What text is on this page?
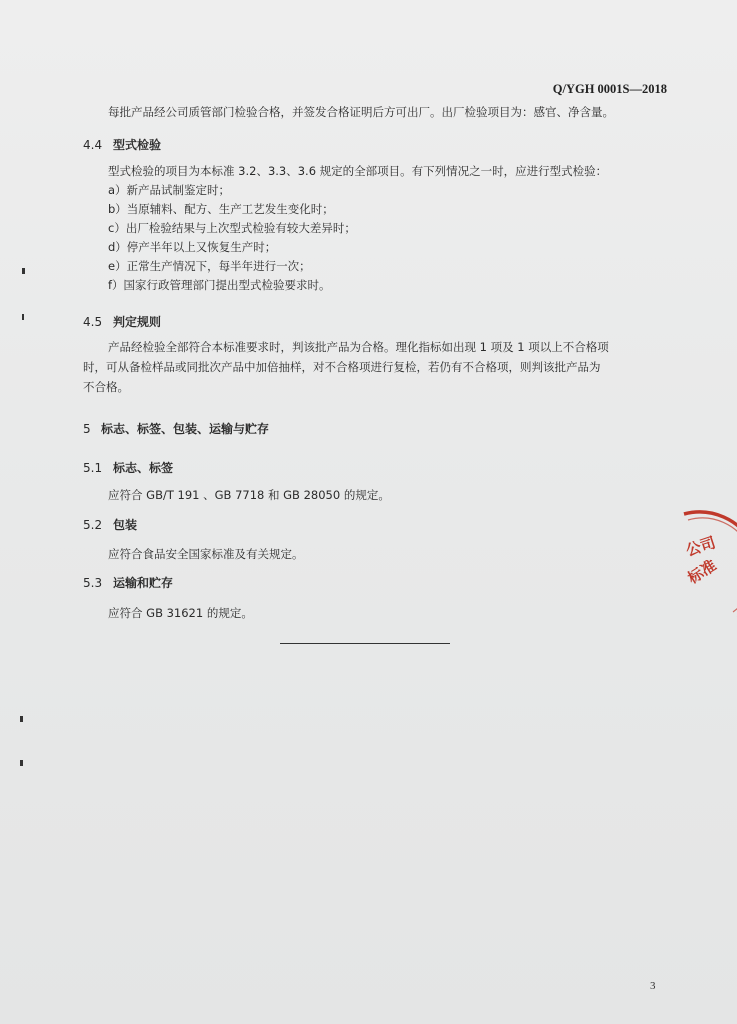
Q/YGH 0001S—2018
每批产品经公司质管部门检验合格，并签发合格证明后方可出厂。出厂检验项目为：感官、净含量。
4.4 型式检验
型式检验的项目为本标准 3.2、3.3、3.6 规定的全部项目。有下列情况之一时，应进行型式检验：
a）新产品试制鉴定时；
b）当原辅料、配方、生产工艺发生变化时；
c）出厂检验结果与上次型式检验有较大差异时；
d）停产半年以上又恢复生产时；
e）正常生产情况下，每半年进行一次；
f）国家行政管理部门提出型式检验要求时。
4.5 判定规则
产品经检验全部符合本标准要求时，判该批产品为合格。理化指标如出现 1 项及 1 项以上不合格项
时，可从备检样品或同批次产品中加倍抽样，对不合格项进行复检，若仍有不合格项，则判该批产品为
不合格。
5 标志、标签、包装、运输与贮存
5.1 标志、标签
应符合 GB/T 191 、GB 7718 和 GB 28050 的规定。
5.2 包装
应符合食品安全国家标准及有关规定。
5.3 运输和贮存
应符合 GB 31621 的规定。
公司
标准
3
